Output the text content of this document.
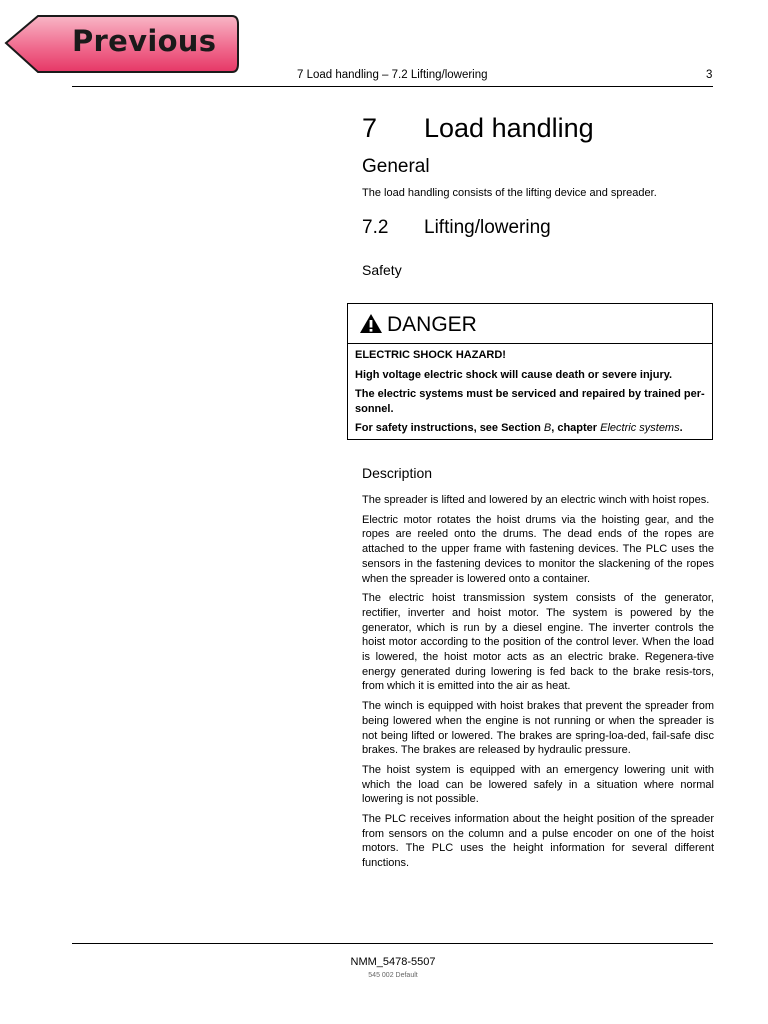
Previous
7 Load handling – 7.2 Lifting/lowering	3
7 Load handling
General
The load handling consists of the lifting device and spreader.
7.2 Lifting/lowering
Safety
DANGER
ELECTRIC SHOCK HAZARD!
High voltage electric shock will cause death or severe injury.
The electric systems must be serviced and repaired by trained per-sonnel.
For safety instructions, see Section B, chapter Electric systems.
Description

The spreader is lifted and lowered by an electric winch with hoist ropes.

Electric motor rotates the hoist drums via the hoisting gear, and the ropes are reeled onto the drums. The dead ends of the ropes are attached to the upper frame with fastening devices. The PLC uses the sensors in the fastening devices to monitor the slackening of the ropes when the spreader is lowered onto a container.

The electric hoist transmission system consists of the generator, rectifier, inverter and hoist motor. The system is powered by the generator, which is run by a diesel engine. The inverter controls the hoist motor according to the position of the control lever. When the load is lowered, the hoist motor acts as an electric brake. Regenera-tive energy generated during lowering is fed back to the brake resis-tors, from which it is emitted into the air as heat.

The winch is equipped with hoist brakes that prevent the spreader from being lowered when the engine is not running or when the spreader is not being lifted or lowered. The brakes are spring-loa-ded, fail-safe disc brakes. The brakes are released by hydraulic pressure.

The hoist system is equipped with an emergency lowering unit with which the load can be lowered safely in a situation where normal lowering is not possible.

The PLC receives information about the height position of the spreader from sensors on the column and a pulse encoder on one of the hoist motors. The PLC uses the height information for several different functions.

NMM_5478-5507
545 002 Default
